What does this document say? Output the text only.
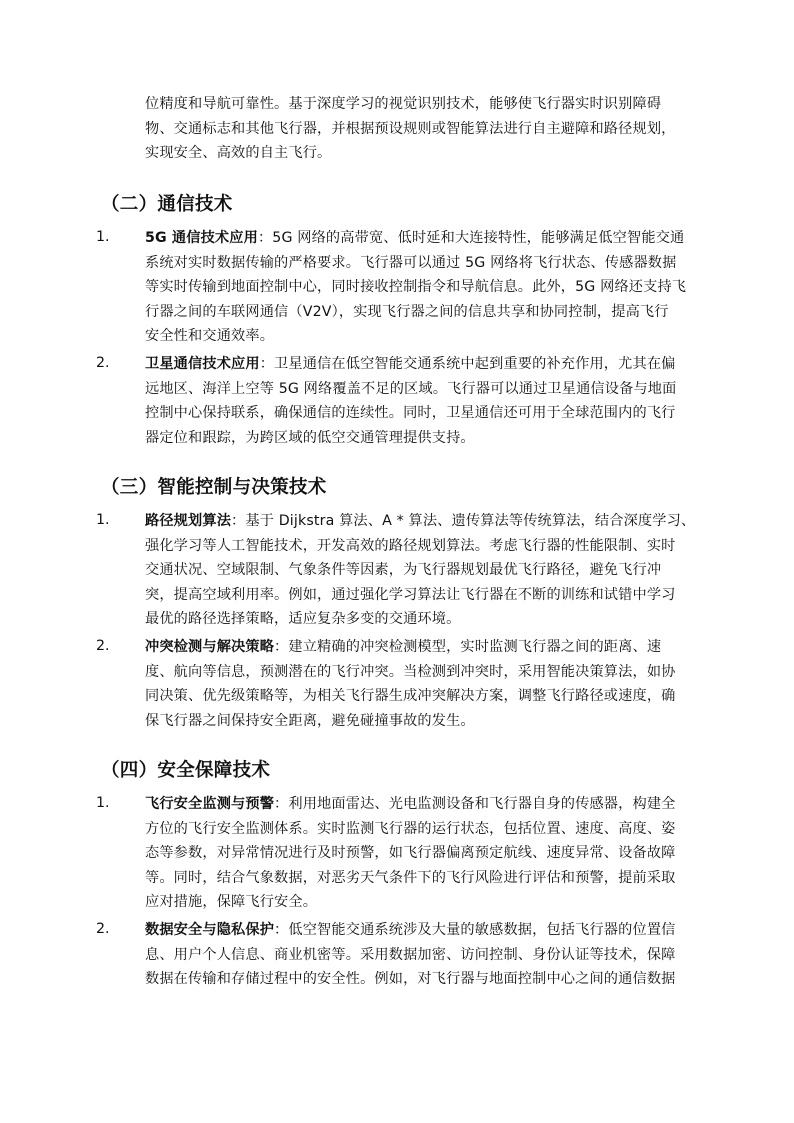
位精度和导航可靠性。基于深度学习的视觉识别技术，能够使飞行器实时识别障碍
物、交通标志和其他飞行器，并根据预设规则或智能算法进行自主避障和路径规划，
实现安全、高效的自主飞行。
（二）通信技术
1. 5G 通信技术应用：5G 网络的高带宽、低时延和大连接特性，能够满足低空智能交通
系统对实时数据传输的严格要求。飞行器可以通过 5G 网络将飞行状态、传感器数据
等实时传输到地面控制中心，同时接收控制指令和导航信息。此外，5G 网络还支持飞
行器之间的车联网通信（V2V），实现飞行器之间的信息共享和协同控制，提高飞行
安全性和交通效率。
2. 卫星通信技术应用：卫星通信在低空智能交通系统中起到重要的补充作用，尤其在偏
远地区、海洋上空等 5G 网络覆盖不足的区域。飞行器可以通过卫星通信设备与地面
控制中心保持联系，确保通信的连续性。同时，卫星通信还可用于全球范围内的飞行
器定位和跟踪，为跨区域的低空交通管理提供支持。
（三）智能控制与决策技术
1. 路径规划算法：基于 Dijkstra 算法、A * 算法、遗传算法等传统算法，结合深度学习、
强化学习等人工智能技术，开发高效的路径规划算法。考虑飞行器的性能限制、实时
交通状况、空域限制、气象条件等因素，为飞行器规划最优飞行路径，避免飞行冲
突，提高空域利用率。例如，通过强化学习算法让飞行器在不断的训练和试错中学习
最优的路径选择策略，适应复杂多变的交通环境。
2. 冲突检测与解决策略：建立精确的冲突检测模型，实时监测飞行器之间的距离、速
度、航向等信息，预测潜在的飞行冲突。当检测到冲突时，采用智能决策算法，如协
同决策、优先级策略等，为相关飞行器生成冲突解决方案，调整飞行路径或速度，确
保飞行器之间保持安全距离，避免碰撞事故的发生。
（四）安全保障技术
1. 飞行安全监测与预警：利用地面雷达、光电监测设备和飞行器自身的传感器，构建全
方位的飞行安全监测体系。实时监测飞行器的运行状态，包括位置、速度、高度、姿
态等参数，对异常情况进行及时预警，如飞行器偏离预定航线、速度异常、设备故障
等。同时，结合气象数据，对恶劣天气条件下的飞行风险进行评估和预警，提前采取
应对措施，保障飞行安全。
2. 数据安全与隐私保护：低空智能交通系统涉及大量的敏感数据，包括飞行器的位置信
息、用户个人信息、商业机密等。采用数据加密、访问控制、身份认证等技术，保障
数据在传输和存储过程中的安全性。例如，对飞行器与地面控制中心之间的通信数据
